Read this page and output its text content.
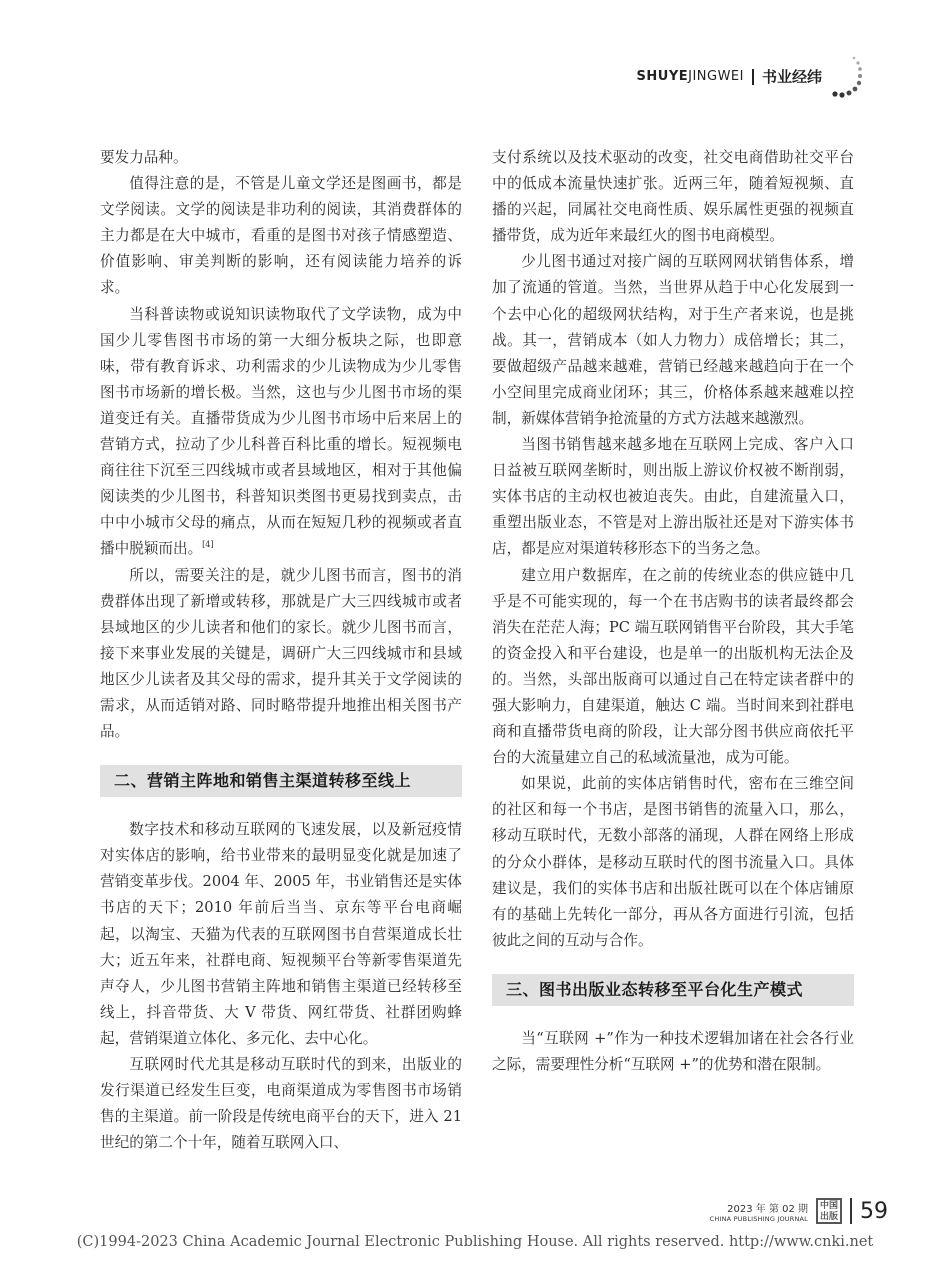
SHUYE JINGWEI 书业经纬

要发力品种。

值得注意的是，不管是儿童文学还是图画书，都是文学阅读。文学的阅读是非功利的阅读，其消费群体的主力都是在大中城市，看重的是图书对孩子情感塑造、价值影响、审美判断的影响，还有阅读能力培养的诉求。

当科普读物或说知识读物取代了文学读物，成为中国少儿零售图书市场的第一大细分板块之际，也即意味，带有教育诉求、功利需求的少儿读物成为少儿零售图书市场新的增长极。当然，这也与少儿图书市场的渠道变迁有关。直播带货成为少儿图书市场中后来居上的营销方式，拉动了少儿科普百科比重的增长。短视频电商往往下沉至三四线城市或者县域地区，相对于其他偏阅读类的少儿图书，科普知识类图书更易找到卖点，击中中小城市父母的痛点，从而在短短几秒的视频或者直播中脱颖而出。[4]

所以，需要关注的是，就少儿图书而言，图书的消费群体出现了新增或转移，那就是广大三四线城市或者县域地区的少儿读者和他们的家长。就少儿图书而言，接下来事业发展的关键是，调研广大三四线城市和县域地区少儿读者及其父母的需求，提升其关于文学阅读的需求，从而适销对路、同时略带提升地推出相关图书产品。

二、营销主阵地和销售主渠道转移至线上

数字技术和移动互联网的飞速发展，以及新冠疫情对实体店的影响，给书业带来的最明显变化就是加速了营销变革步伐。2004 年、2005 年，书业销售还是实体书店的天下；2010 年前后当当、京东等平台电商崛起，以淘宝、天猫为代表的互联网图书自营渠道成长壮大；近五年来，社群电商、短视频平台等新零售渠道先声夺人，少儿图书营销主阵地和销售主渠道已经转移至线上，抖音带货、大 V 带货、网红带货、社群团购蜂起，营销渠道立体化、多元化、去中心化。

互联网时代尤其是移动互联时代的到来，出版业的发行渠道已经发生巨变，电商渠道成为零售图书市场销售的主渠道。前一阶段是传统电商平台的天下，进入 21 世纪的第二个十年，随着互联网入口、

支付系统以及技术驱动的改变，社交电商借助社交平台中的低成本流量快速扩张。近两三年，随着短视频、直播的兴起，同属社交电商性质、娱乐属性更强的视频直播带货，成为近年来最红火的图书电商模型。

少儿图书通过对接广阔的互联网网状销售体系，增加了流通的管道。当然，当世界从趋于中心化发展到一个去中心化的超级网状结构，对于生产者来说，也是挑战。其一，营销成本（如人力物力）成倍增长；其二，要做超级产品越来越难，营销已经越来越趋向于在一个小空间里完成商业闭环；其三，价格体系越来越难以控制，新媒体营销争抢流量的方式方法越来越激烈。

当图书销售越来越多地在互联网上完成、客户入口日益被互联网垄断时，则出版上游议价权被不断削弱，实体书店的主动权也被迫丧失。由此，自建流量入口，重塑出版业态，不管是对上游出版社还是对下游实体书店，都是应对渠道转移形态下的当务之急。

建立用户数据库，在之前的传统业态的供应链中几乎是不可能实现的，每一个在书店购书的读者最终都会消失在茫茫人海；PC 端互联网销售平台阶段，其大手笔的资金投入和平台建设，也是单一的出版机构无法企及的。当然，头部出版商可以通过自己在特定读者群中的强大影响力，自建渠道，触达 C 端。当时间来到社群电商和直播带货电商的阶段，让大部分图书供应商依托平台的大流量建立自己的私域流量池，成为可能。

如果说，此前的实体店销售时代，密布在三维空间的社区和每一个书店，是图书销售的流量入口，那么，移动互联时代，无数小部落的涌现，人群在网络上形成的分众小群体，是移动互联时代的图书流量入口。具体建议是，我们的实体书店和出版社既可以在个体店铺原有的基础上先转化一部分，再从各方面进行引流，包括彼此之间的互动与合作。

三、图书出版业态转移至平台化生产模式

当“互联网 +”作为一种技术逻辑加诸在社会各行业之际，需要理性分析“互联网 +”的优势和潜在限制。

2023 年 第 02 期
CHINA PUBLISHING JOURNAL
中国出版 59
(C)1994-2023 China Academic Journal Electronic Publishing House. All rights reserved. http://www.cnki.net
